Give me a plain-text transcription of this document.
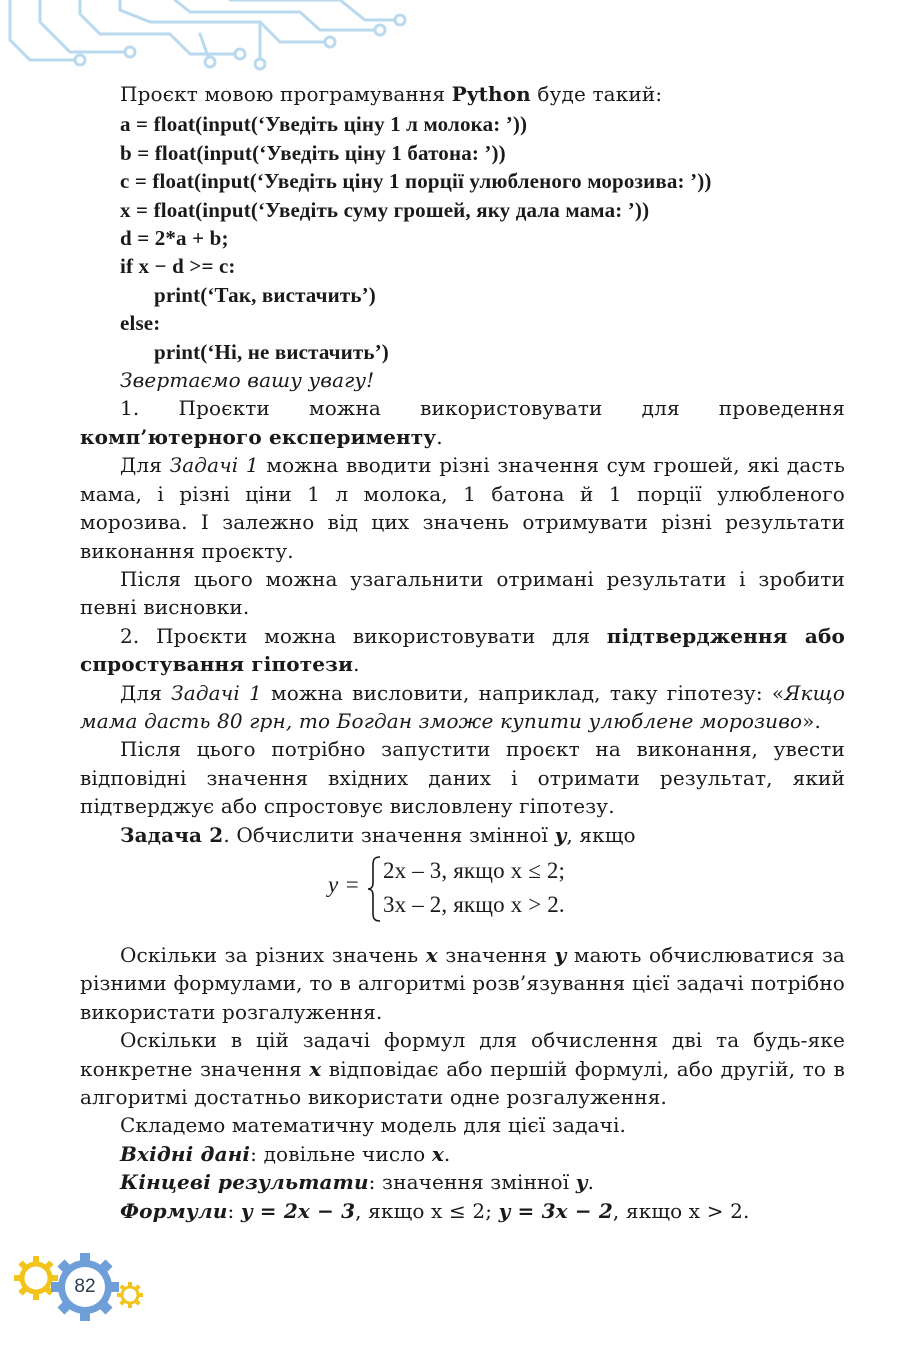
Проєкт мовою програмування Python буде такий:

a = float(input(‘Уведіть ціну 1 л молока: ’))

b = float(input(‘Уведіть ціну 1 батона: ’))

c = float(input(‘Уведіть ціну 1 порції улюбленого морозива: ’))

x = float(input(‘Уведіть суму грошей, яку дала мама: ’))

d = 2*a + b;

if x − d >= c:

print(‘Так, вистачить’)

else:

print(‘Ні, не вистачить’)

Звертаємо вашу увагу!

1. Проєкти можна використовувати для проведення комп’ютерного експерименту.

Для Задачі 1 можна вводити різні значення сум грошей, які дасть мама, і різні ціни 1 л молока, 1 батона й 1 порції улюбленого морозива. І залежно від цих значень отримувати різні результати виконання проєкту.

Після цього можна узагальнити отримані результати і зробити певні висновки.

2. Проєкти можна використовувати для підтвердження або спростування гіпотези.

Для Задачі 1 можна висловити, наприклад, таку гіпотезу: «Якщо мама дасть 80 грн, то Богдан зможе купити улюблене морозиво».

Після цього потрібно запустити проєкт на виконання, увести відповідні значення вхідних даних і отримати результат, який підтверджує або спростовує висловлену гіпотезу.

Задача 2. Обчислити значення змінної y, якщо

y =
2x – 3, якщо x ≤ 2;
3x – 2, якщо x > 2.

Оскільки за різних значень x значення y мають обчислюватися за різними формулами, то в алгоритмі розв’язування цієї задачі потрібно використати розгалуження.

Оскільки в цій задачі формул для обчислення дві та будь-яке конкретне значення x відповідає або першій формулі, або другій, то в алгоритмі достатньо використати одне розгалуження.

Складемо математичну модель для цієї задачі.

Вхідні дані: довільне число x.

Кінцеві результати: значення змінної y.

Формули: y = 2x − 3, якщо x ≤ 2; y = 3x − 2, якщо x > 2.

82
